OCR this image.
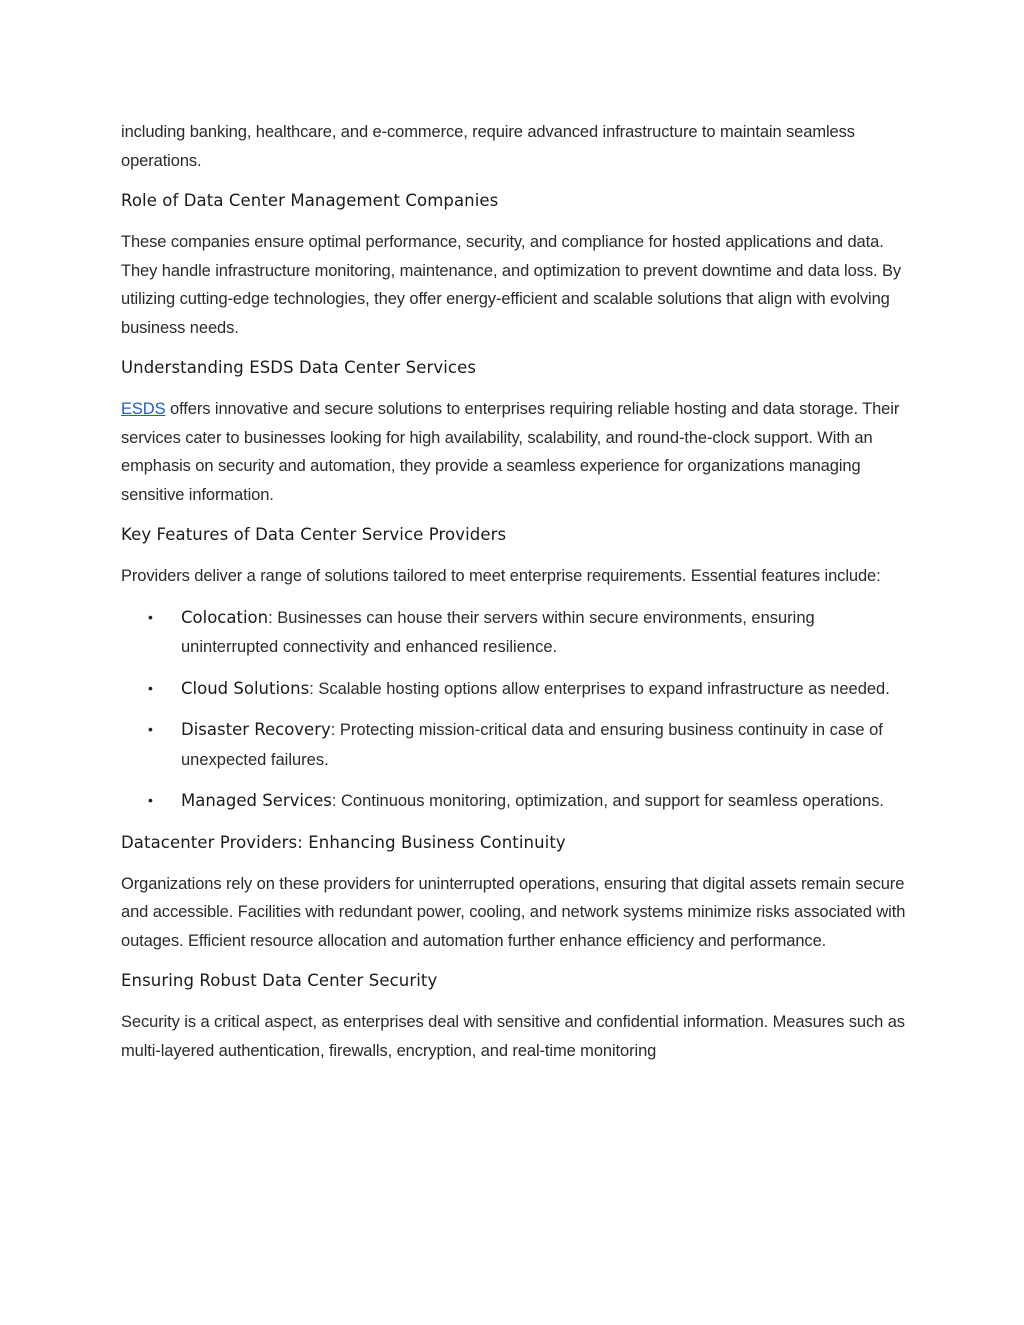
including banking, healthcare, and e-commerce, require advanced infrastructure to maintain seamless operations.

Role of Data Center Management Companies

These companies ensure optimal performance, security, and compliance for hosted applications and data. They handle infrastructure monitoring, maintenance, and optimization to prevent downtime and data loss. By utilizing cutting-edge technologies, they offer energy-efficient and scalable solutions that align with evolving business needs.

Understanding ESDS Data Center Services

ESDS offers innovative and secure solutions to enterprises requiring reliable hosting and data storage. Their services cater to businesses looking for high availability, scalability, and round-the-clock support. With an emphasis on security and automation, they provide a seamless experience for organizations managing sensitive information.

Key Features of Data Center Service Providers

Providers deliver a range of solutions tailored to meet enterprise requirements. Essential features include:

• Colocation: Businesses can house their servers within secure environments, ensuring uninterrupted connectivity and enhanced resilience.
• Cloud Solutions: Scalable hosting options allow enterprises to expand infrastructure as needed.
• Disaster Recovery: Protecting mission-critical data and ensuring business continuity in case of unexpected failures.
• Managed Services: Continuous monitoring, optimization, and support for seamless operations.
Datacenter Providers: Enhancing Business Continuity

Organizations rely on these providers for uninterrupted operations, ensuring that digital assets remain secure and accessible. Facilities with redundant power, cooling, and network systems minimize risks associated with outages. Efficient resource allocation and automation further enhance efficiency and performance.

Ensuring Robust Data Center Security

Security is a critical aspect, as enterprises deal with sensitive and confidential information. Measures such as multi-layered authentication, firewalls, encryption, and real-time monitoring
